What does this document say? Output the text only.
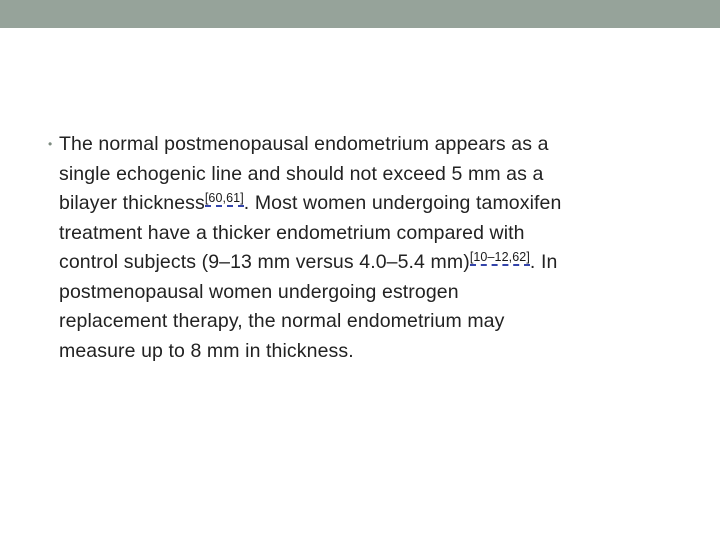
• The normal postmenopausal endometrium appears as a
single echogenic line and should not exceed 5 mm as a
bilayer thickness[60,61]. Most women undergoing tamoxifen
treatment have a thicker endometrium compared with
control subjects (9–13 mm versus 4.0–5.4 mm)[10–12,62]. In
postmenopausal women undergoing estrogen
replacement therapy, the normal endometrium may
measure up to 8 mm in thickness.
